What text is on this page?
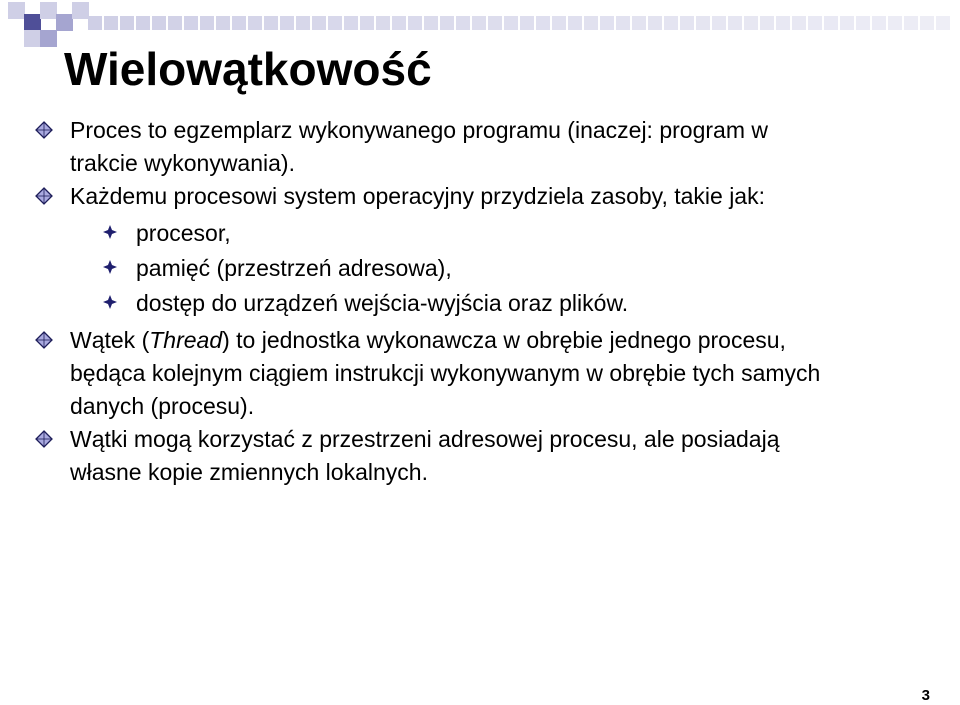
Wielowątkowość
Proces to egzemplarz wykonywanego programu (inaczej: program w
trakcie wykonywania).
Każdemu procesowi system operacyjny przydziela zasoby, takie jak:
procesor,
pamięć (przestrzeń adresowa),
dostęp do urządzeń wejścia-wyjścia oraz plików.
Wątek (Thread) to jednostka wykonawcza w obrębie jednego procesu,
będąca kolejnym ciągiem instrukcji wykonywanym w obrębie tych samych
danych (procesu).
Wątki mogą korzystać z przestrzeni adresowej procesu, ale posiadają
własne kopie zmiennych lokalnych.
3
